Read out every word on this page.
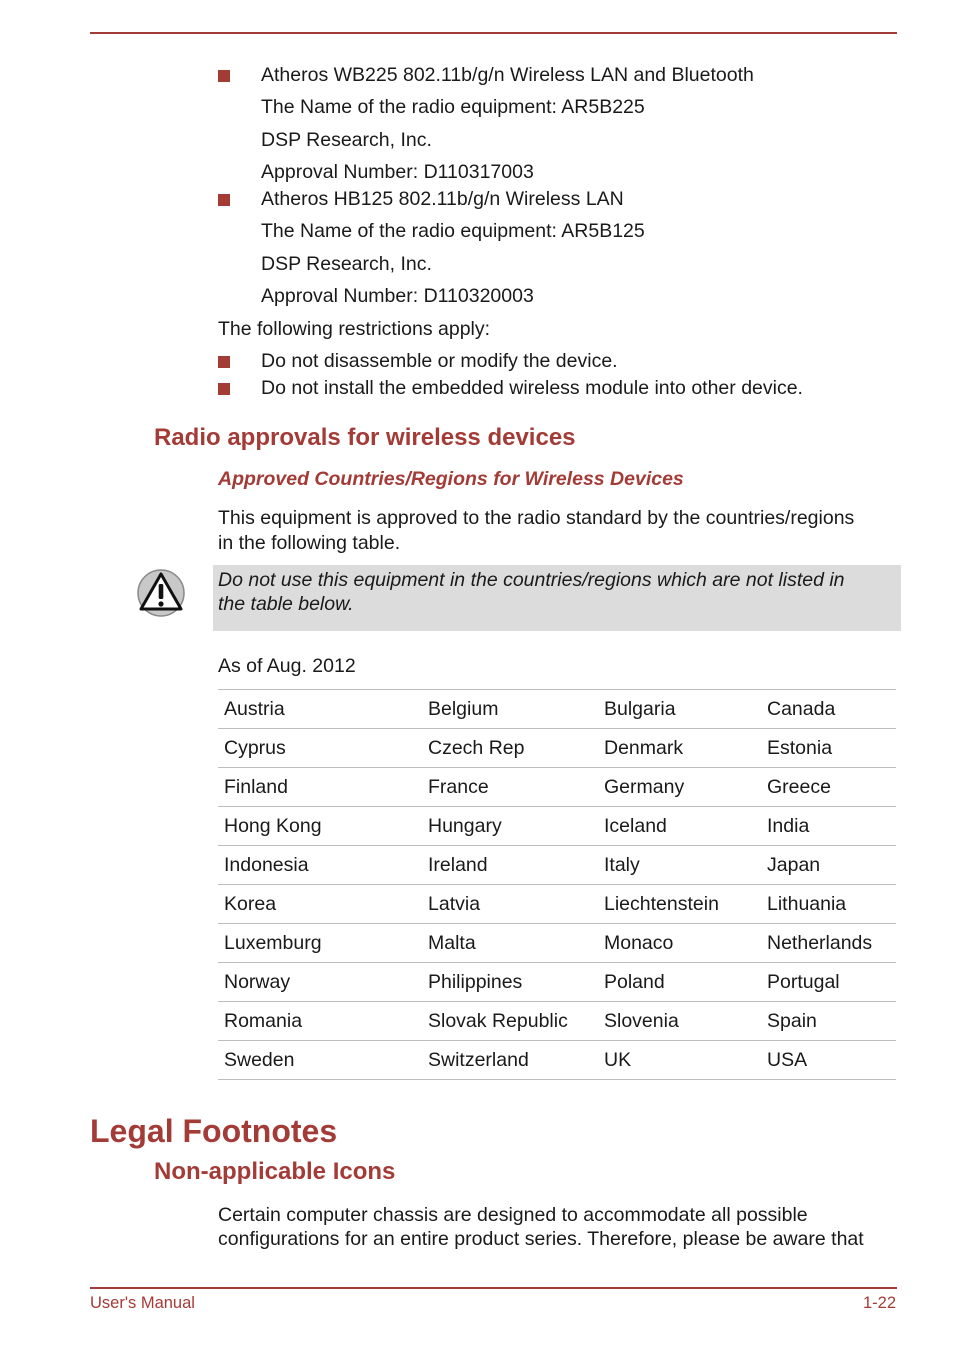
Atheros WB225 802.11b/g/n Wireless LAN and Bluetooth
The Name of the radio equipment: AR5B225
DSP Research, Inc.
Approval Number: D110317003
Atheros HB125 802.11b/g/n Wireless LAN
The Name of the radio equipment: AR5B125
DSP Research, Inc.
Approval Number: D110320003
The following restrictions apply:
Do not disassemble or modify the device.
Do not install the embedded wireless module into other device.
Radio approvals for wireless devices
Approved Countries/Regions for Wireless Devices
This equipment is approved to the radio standard by the countries/regions
in the following table.
Do not use this equipment in the countries/regions which are not listed in
the table below.
As of Aug. 2012
Austria	Belgium	Bulgaria	Canada
Cyprus	Czech Rep	Denmark	Estonia
Finland	France	Germany	Greece
Hong Kong	Hungary	Iceland	India
Indonesia	Ireland	Italy	Japan
Korea	Latvia	Liechtenstein	Lithuania
Luxemburg	Malta	Monaco	Netherlands
Norway	Philippines	Poland	Portugal
Romania	Slovak Republic	Slovenia	Spain
Sweden	Switzerland	UK	USA
Legal Footnotes
Non-applicable Icons
Certain computer chassis are designed to accommodate all possible
configurations for an entire product series. Therefore, please be aware that
User's Manual	1-22
